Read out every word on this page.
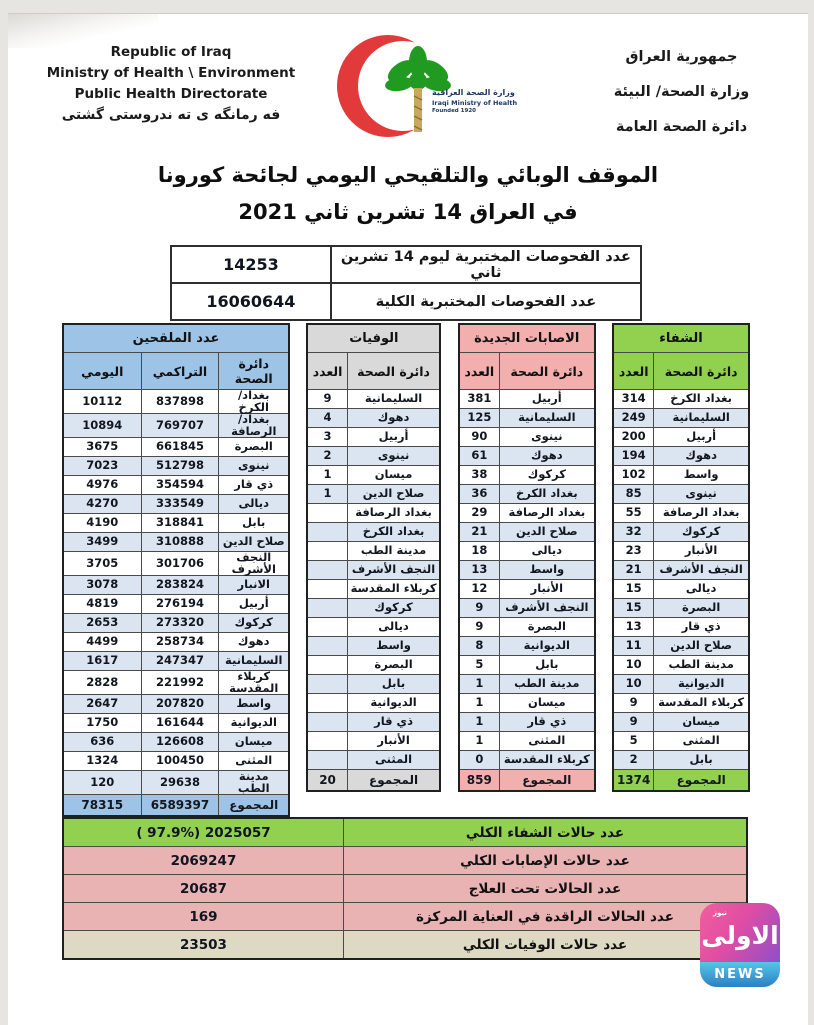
Republic of Iraq
Ministry of Health \ Environment
Public Health Directorate
فه رمانگه ى ته ندروستى گشتى
وزارة الصحة العراقية
Iraqi Ministry of Health
Founded 1920
جمهورية العراق
وزارة الصحة/ البيئة
دائرة الصحة العامة
الموقف الوبائي والتلقيحي اليومي لجائحة كورونا
في العراق 14 تشرين ثاني 2021
عدد الفحوصات المختبرية ليوم 14 تشرين ثاني	14253
عدد الفحوصات المختبرية الكلية	16060644
الشفاء	
دائرة الصحة	العدد
بغداد الكرخ	314
السليمانية	249
أربيل	200
دهوك	194
واسط	102
نينوى	85
بغداد الرصافة	55
كركوك	32
الأنبار	23
النجف الأشرف	21
ديالى	15
البصرة	15
ذي قار	13
صلاح الدين	11
مدينة الطب	10
الديوانية	10
كربلاء المقدسة	9
ميسان	9
المثنى	5
بابل	2
المجموع	1374
الاصابات الجديدة	
دائرة الصحة	العدد
أربيل	381
السليمانية	125
نينوى	90
دهوك	61
كركوك	38
بغداد الكرخ	36
بغداد الرصافة	29
صلاح الدين	21
ديالى	18
واسط	13
الأنبار	12
النجف الأشرف	9
البصرة	9
الديوانية	8
بابل	5
مدينة الطب	1
ميسان	1
ذي قار	1
المثنى	1
كربلاء المقدسة	0
المجموع	859
الوفيات	
دائرة الصحة	العدد
السليمانية	9
دهوك	4
أربيل	3
نينوى	2
ميسان	1
صلاح الدين	1
بغداد الرصافة	
بغداد الكرخ	
مدينة الطب	
النجف الأشرف	
كربلاء المقدسة	
كركوك	
ديالى	
واسط	
البصرة	
بابل	
الديوانية	
ذي قار	
الأنبار	
المثنى	
المجموع	20
عدد الملقحين		
دائرة الصحة	التراكمي	اليومي
بغداد/ الكرخ	837898	10112
بغداد/ الرصافة	769707	10894
البصرة	661845	3675
نينوى	512798	7023
ذي قار	354594	4976
ديالى	333549	4270
بابل	318841	4190
صلاح الدين	310888	3499
النجف الأشرف	301706	3705
الانبار	283824	3078
أربيل	276194	4819
كركوك	273320	2653
دهوك	258734	4499
السليمانية	247347	1617
كربلاء المقدسة	221992	2828
واسط	207820	2647
الديوانية	161644	1750
ميسان	126608	636
المثنى	100450	1324
مدينة الطب	29638	120
المجموع	6589397	78315
عدد حالات الشفاء الكلي	( 97.9%) 2025057
عدد حالات الإصابات الكلي	2069247
عدد الحالات تحت العلاج	20687
عدد الحالات الراقدة في العناية المركزة	169
عدد حالات الوفيات الكلي	23503
نيوز
الاولى
NEWS
